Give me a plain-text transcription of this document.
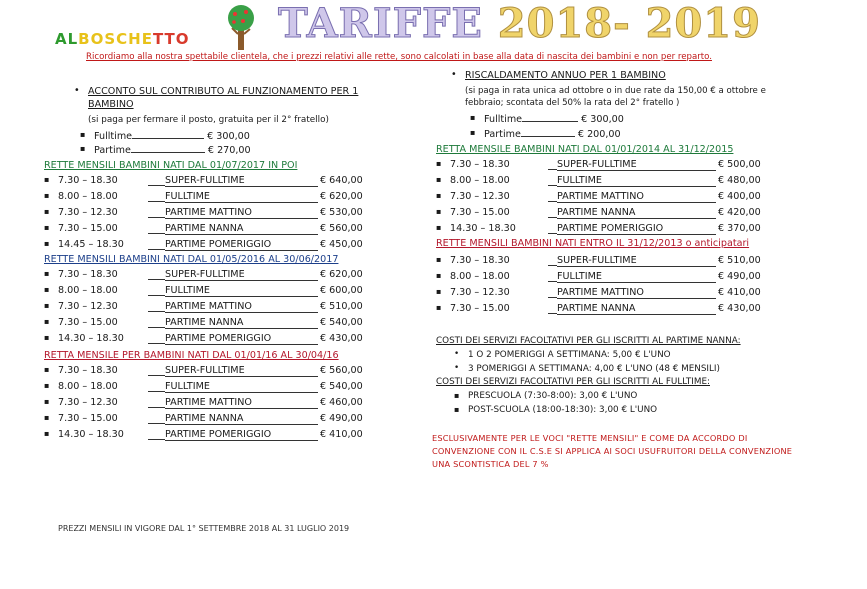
ALBOSCHETTO TARIFFE 2018- 2019
Ricordiamo alla nostra spettabile clientela, che i prezzi relativi alle rette, sono calcolati in base alla data di nascita dei bambini e non per reparto.
• ACCONTO SUL CONTRIBUTO AL FUNZIONAMENTO PER 1
BAMBINO
(si paga per fermare il posto, gratuita per il 2° fratello)
▪ Fulltime	€ 300,00
▪ Partime	€ 270,00
• RISCALDAMENTO ANNUO PER 1 BAMBINO
(si paga in rata unica ad ottobre o in due rate da 150,00 € a ottobre e
febbraio; scontata del 50% la rata del 2° fratello )
▪ Fulltime	€ 300,00
▪ Partime	€ 200,00
RETTE MENSILI BAMBINI NATI DAL 01/07/2017 IN POI
RETTE MENSILI BAMBINI NATI DAL 01/05/2016 AL 30/06/2017
RETTA MENSILE PER BAMBINI NATI DAL 01/01/16 AL 30/04/16
RETTA MENSILE BAMBINI NATI DAL 01/01/2014 AL 31/12/2015
RETTE MENSILI BAMBINI NATI ENTRO IL 31/12/2013 o anticipatari
▪ 7.30 – 18.30	SUPER-FULLTIME	€ 640,00
▪ 8.00 – 18.00	FULLTIME	€ 620,00
▪ 7.30 – 12.30	PARTIME MATTINO	€ 530,00
▪ 7.30 – 15.00	PARTIME NANNA	€ 560,00
▪ 14.45 – 18.30	PARTIME POMERIGGIO	€ 450,00
▪ 7.30 – 18.30	SUPER-FULLTIME	€ 620,00
▪ 8.00 – 18.00	FULLTIME	€ 600,00
▪ 7.30 – 12.30	PARTIME MATTINO	€ 510,00
▪ 7.30 – 15.00	PARTIME NANNA	€ 540,00
▪ 14.30 – 18.30	PARTIME POMERIGGIO	€ 430,00
▪ 7.30 – 18.30	SUPER-FULLTIME	€ 560,00
▪ 8.00 – 18.00	FULLTIME	€ 540,00
▪ 7.30 – 12.30	PARTIME MATTINO	€ 460,00
▪ 7.30 – 15.00	PARTIME NANNA	€ 490,00
▪ 14.30 – 18.30	PARTIME POMERIGGIO	€ 410,00
▪ 7.30 – 18.30	SUPER-FULLTIME	€ 500,00
▪ 8.00 – 18.00	FULLTIME	€ 480,00
▪ 7.30 – 12.30	PARTIME MATTINO	€ 400,00
▪ 7.30 – 15.00	PARTIME NANNA	€ 420,00
▪ 14.30 – 18.30	PARTIME POMERIGGIO	€ 370,00
▪ 7.30 – 18.30	SUPER-FULLTIME	€ 510,00
▪ 8.00 – 18.00	FULLTIME	€ 490,00
▪ 7.30 – 12.30	PARTIME MATTINO	€ 410,00
▪ 7.30 – 15.00	PARTIME NANNA	€ 430,00
COSTI DEI SERVIZI FACOLTATIVI PER GLI ISCRITTI AL PARTIME NANNA:
• 1 O 2 POMERIGGI A SETTIMANA: 5,00 € L'UNO
• 3 POMERIGGI A SETTIMANA: 4,00 € L'UNO (48 € MENSILI)
COSTI DEI SERVIZI FACOLTATIVI PER GLI ISCRITTI AL FULLTIME:
▪ PRESCUOLA (7:30-8:00): 3,00 € L'UNO
▪ POST-SCUOLA (18:00-18:30): 3,00 € L'UNO
ESCLUSIVAMENTE PER LE VOCI "RETTE MENSILI" E COME DA ACCORDO DI CONVENZIONE CON IL C.S.E SI APPLICA AI SOCI USUFRUITORI DELLA CONVENZIONE UNA SCONTISTICA DEL 7 %
PREZZI MENSILI IN VIGORE DAL 1° SETTEMBRE 2018 AL 31 LUGLIO 2019
